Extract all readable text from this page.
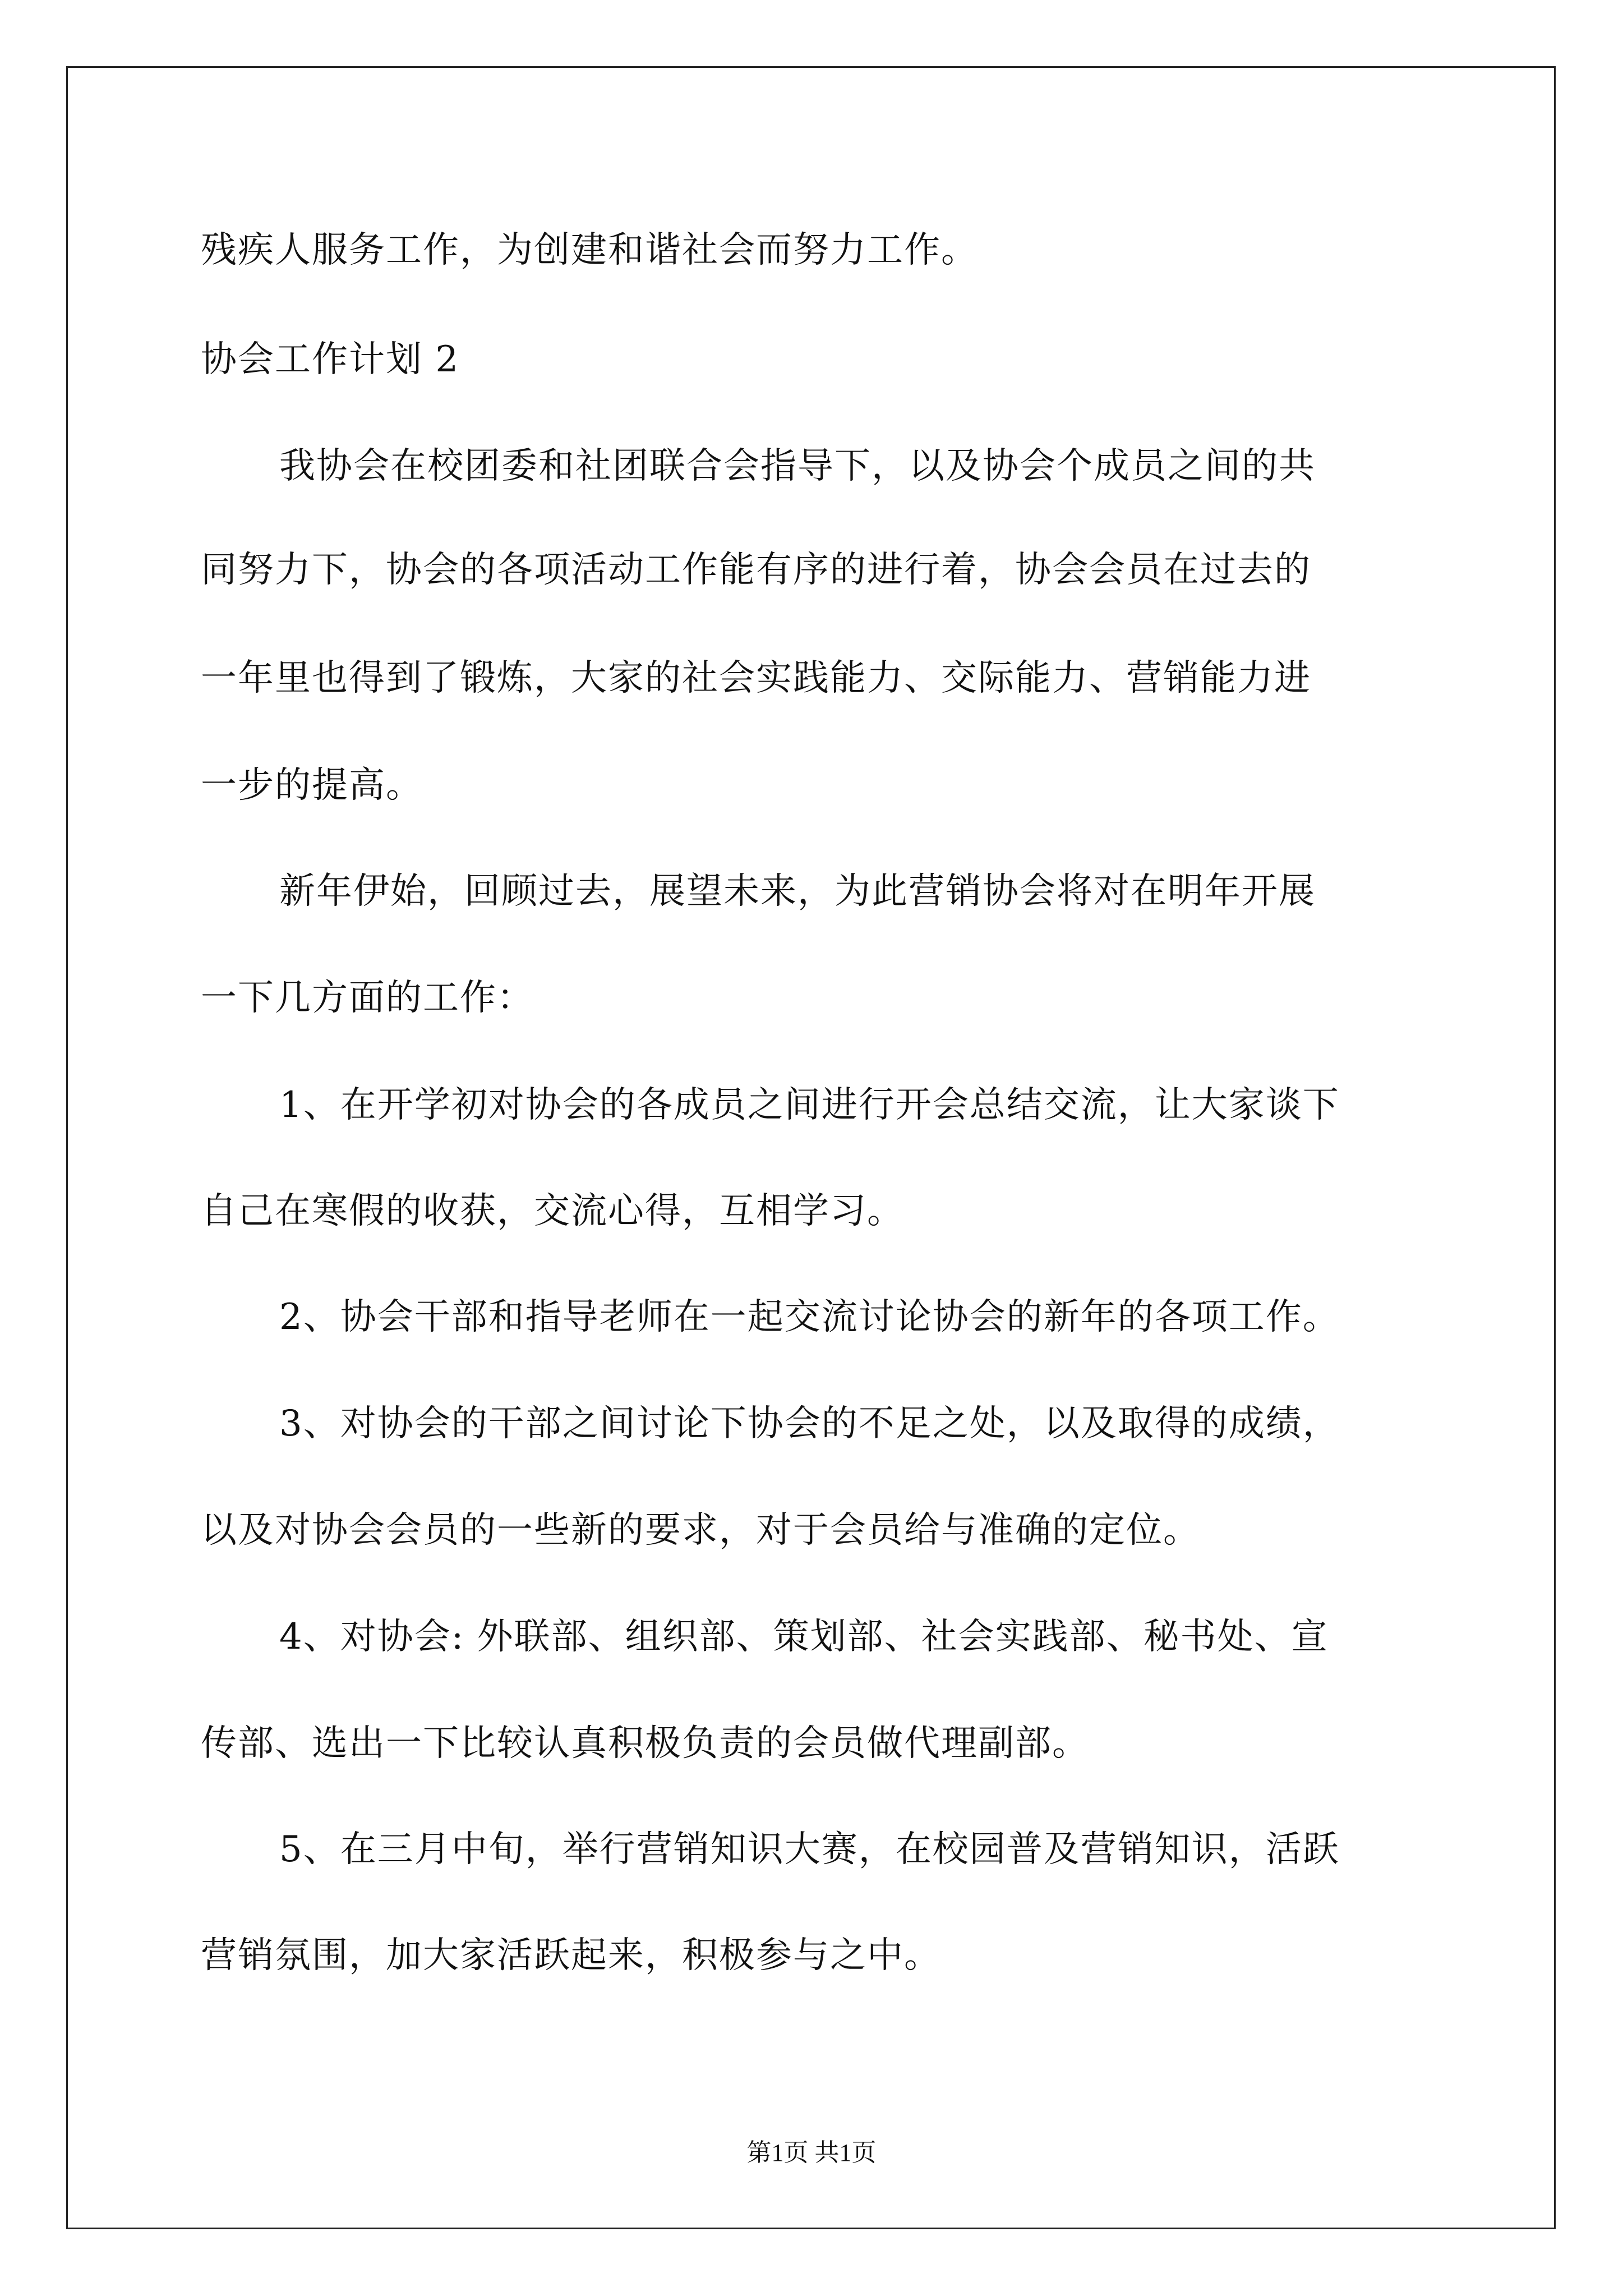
残疾人服务工作，为创建和谐社会而努力工作。
协会工作计划 2
我协会在校团委和社团联合会指导下，以及协会个成员之间的共
同努力下，协会的各项活动工作能有序的进行着，协会会员在过去的
一年里也得到了锻炼，大家的社会实践能力、交际能力、营销能力进
一步的提高。
新年伊始，回顾过去，展望未来，为此营销协会将对在明年开展
一下几方面的工作：
1、在开学初对协会的各成员之间进行开会总结交流，让大家谈下
自己在寒假的收获，交流心得，互相学习。
2、协会干部和指导老师在一起交流讨论协会的新年的各项工作。
3、对协会的干部之间讨论下协会的不足之处，以及取得的成绩，
以及对协会会员的一些新的要求，对于会员给与准确的定位。
4、对协会: 外联部、组织部、策划部、社会实践部、秘书处、宣
传部、选出一下比较认真积极负责的会员做代理副部。
5、在三月中旬，举行营销知识大赛，在校园普及营销知识，活跃
营销氛围，加大家活跃起来，积极参与之中。
第1页 共1页
